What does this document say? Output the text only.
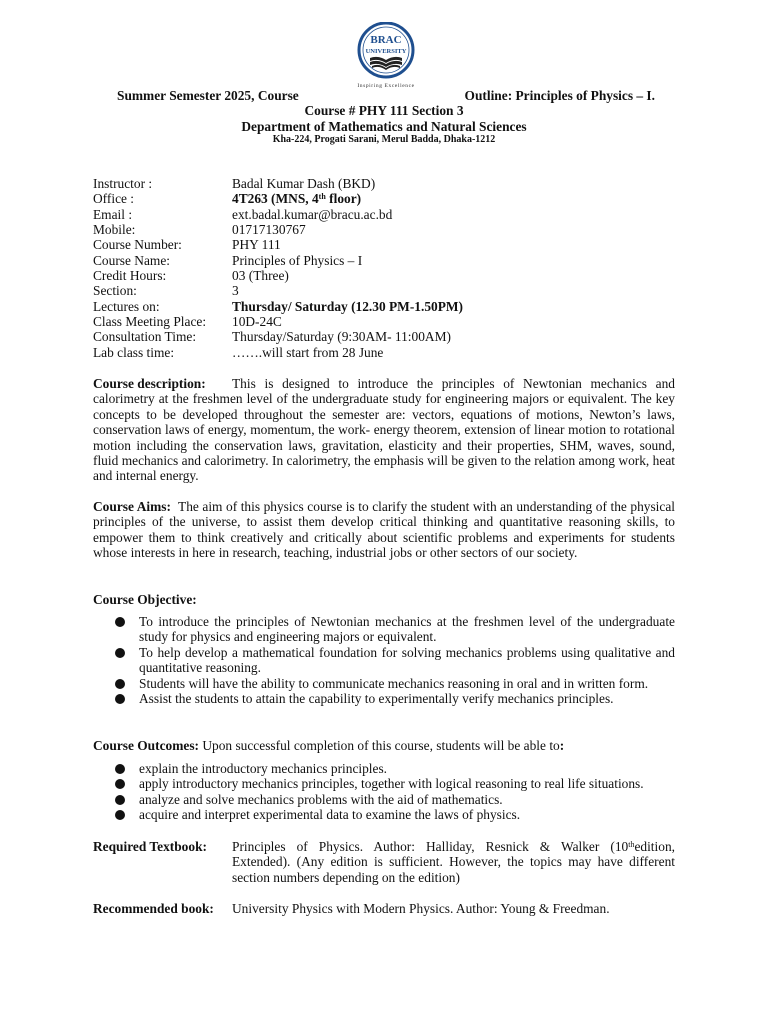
BRAC
UNIVERSITY
Inspiring Excellence
Summer Semester 2025, Course	Outline: Principles of Physics – I.
Course # PHY 111 Section 3
Department of Mathematics and Natural Sciences
Kha-224, Progati Sarani, Merul Badda, Dhaka-1212
Instructor :	Badal Kumar Dash (BKD)
Office :	4T263 (MNS, 4th floor)
Email :	ext.badal.kumar@bracu.ac.bd
Mobile:	01717130767
Course Number:	PHY 111
Course Name:	Principles of Physics – I
Credit Hours:	03 (Three)
Section:	3
Lectures on:	Thursday/ Saturday (12.30 PM-1.50PM)
Class Meeting Place: 10D-24C
Consultation Time:	Thursday/Saturday (9:30AM- 11:00AM)
Lab class time:	…….will start from 28 June
Course description: This is designed to introduce the principles of Newtonian mechanics and calorimetry at the freshmen level of the undergraduate study for engineering majors or equivalent. The key concepts to be developed throughout the semester are: vectors, equations of motions, Newton’s laws, conservation laws of energy, momentum, the work- energy theorem, extension of linear motion to rotational motion including the conservation laws, gravitation, elasticity and their properties, SHM, waves, sound, fluid mechanics and calorimetry. In calorimetry, the emphasis will be given to the relation among work, heat and internal energy.
Course Aims: The aim of this physics course is to clarify the student with an understanding of the physical principles of the universe, to assist them develop critical thinking and quantitative reasoning skills, to empower them to think creatively and critically about scientific problems and experiments for students whose interests in here in research, teaching, industrial jobs or other sectors of our society.
Course Objective:
To introduce the principles of Newtonian mechanics at the freshmen level of the undergraduate study for physics and engineering majors or equivalent.
To help develop a mathematical foundation for solving mechanics problems using qualitative and quantitative reasoning.
Students will have the ability to communicate mechanics reasoning in oral and in written form.
Assist the students to attain the capability to experimentally verify mechanics principles.
Course Outcomes: Upon successful completion of this course, students will be able to:
explain the introductory mechanics principles.
apply introductory mechanics principles, together with logical reasoning to real life situations.
analyze and solve mechanics problems with the aid of mathematics.
acquire and interpret experimental data to examine the laws of physics.
Required Textbook: Principles of Physics. Author: Halliday, Resnick & Walker (10thedition, Extended). (Any edition is sufficient. However, the topics may have different section numbers depending on the edition)
Recommended book: University Physics with Modern Physics. Author: Young & Freedman.
